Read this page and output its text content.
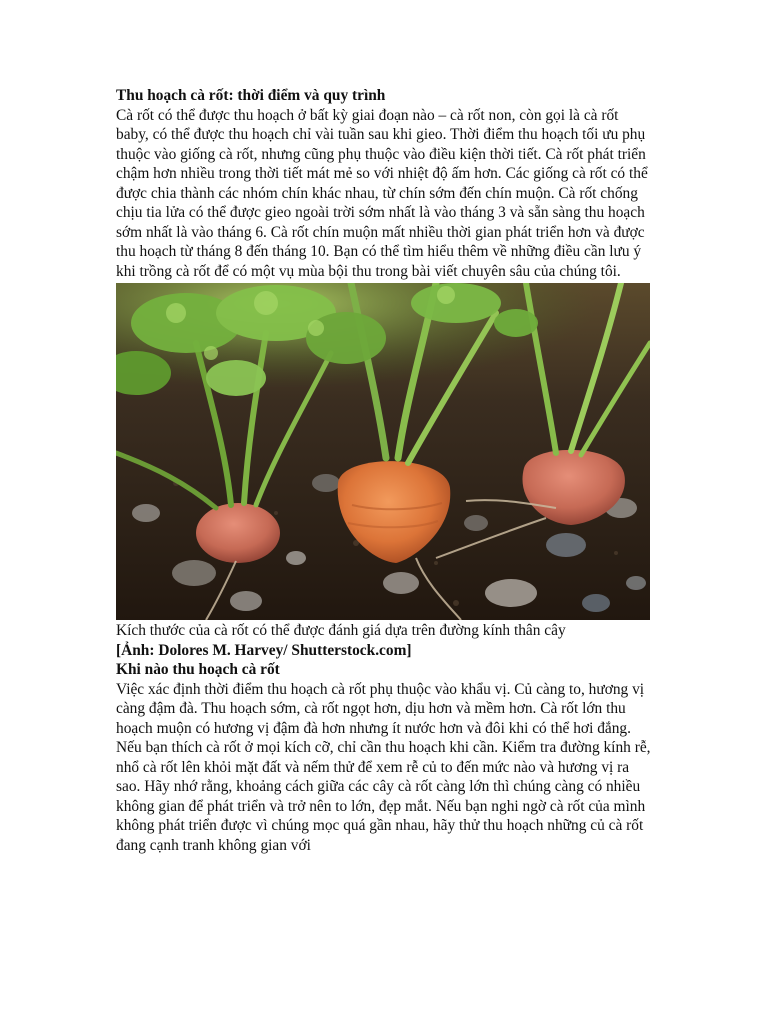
Thu hoạch cà rốt: thời điểm và quy trình

Cà rốt có thể được thu hoạch ở bất kỳ giai đoạn nào – cà rốt non, còn gọi là cà rốt baby, có thể được thu hoạch chỉ vài tuần sau khi gieo. Thời điểm thu hoạch tối ưu phụ thuộc vào giống cà rốt, nhưng cũng phụ thuộc vào điều kiện thời tiết. Cà rốt phát triển chậm hơn nhiều trong thời tiết mát mẻ so với nhiệt độ ấm hơn. Các giống cà rốt có thể được chia thành các nhóm chín khác nhau, từ chín sớm đến chín muộn. Cà rốt chống chịu tia lửa có thể được gieo ngoài trời sớm nhất là vào tháng 3 và sẵn sàng thu hoạch sớm nhất là vào tháng 6. Cà rốt chín muộn mất nhiều thời gian phát triển hơn và được thu hoạch từ tháng 8 đến tháng 10. Bạn có thể tìm hiểu thêm về những điều cần lưu ý khi trồng cà rốt để có một vụ mùa bội thu trong bài viết chuyên sâu của chúng tôi.

Kích thước của cà rốt có thể được đánh giá dựa trên đường kính thân cây

[Ảnh: Dolores M. Harvey/ Shutterstock.com]

Khi nào thu hoạch cà rốt

Việc xác định thời điểm thu hoạch cà rốt phụ thuộc vào khẩu vị. Củ càng to, hương vị càng đậm đà. Thu hoạch sớm, cà rốt ngọt hơn, dịu hơn và mềm hơn. Cà rốt lớn thu hoạch muộn có hương vị đậm đà hơn nhưng ít nước hơn và đôi khi có thể hơi đắng. Nếu bạn thích cà rốt ở mọi kích cỡ, chỉ cần thu hoạch khi cần. Kiểm tra đường kính rễ, nhổ cà rốt lên khỏi mặt đất và nếm thử để xem rễ củ to đến mức nào và hương vị ra sao. Hãy nhớ rằng, khoảng cách giữa các cây cà rốt càng lớn thì chúng càng có nhiều không gian để phát triển và trở nên to lớn, đẹp mắt. Nếu bạn nghi ngờ cà rốt của mình không phát triển được vì chúng mọc quá gần nhau, hãy thử thu hoạch những củ cà rốt đang cạnh tranh không gian với
